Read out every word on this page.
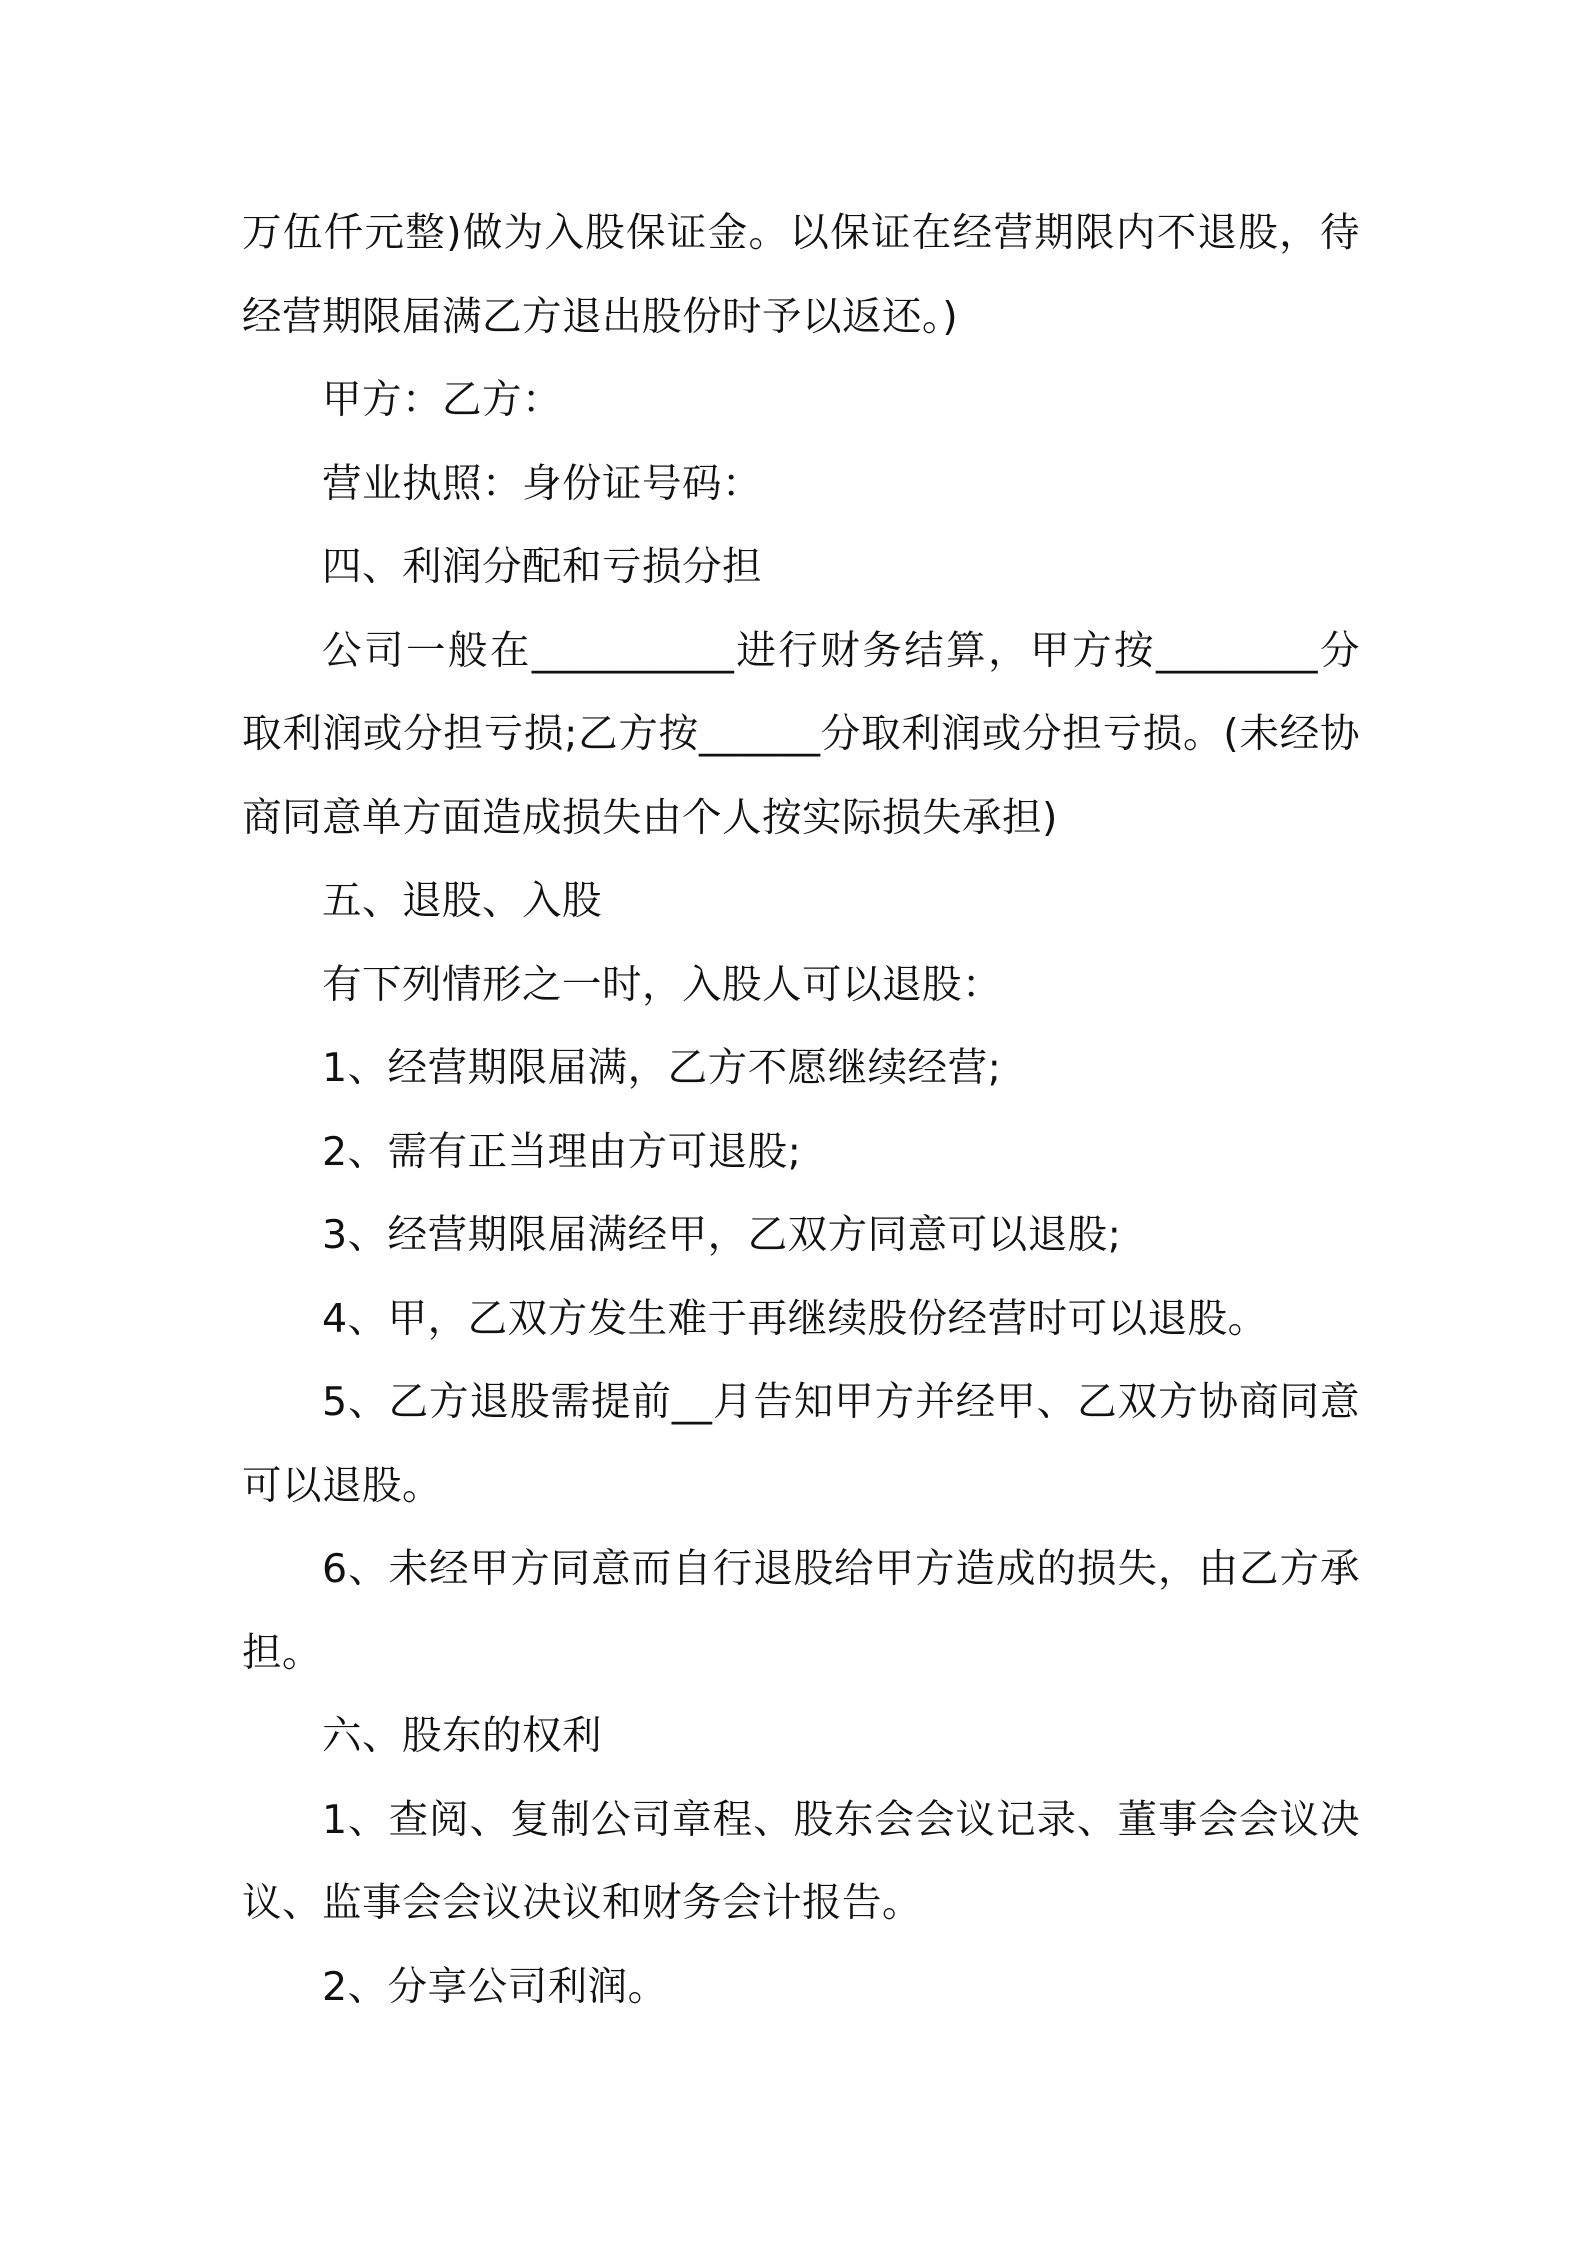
万伍仟元整)做为入股保证金。以保证在经营期限内不退股，待经营期限届满乙方退出股份时予以返还。)

甲方：乙方：

营业执照：身份证号码：

四、利润分配和亏损分担

公司一般在__________进行财务结算，甲方按________分取利润或分担亏损;乙方按______分取利润或分担亏损。(未经协商同意单方面造成损失由个人按实际损失承担)

五、退股、入股

有下列情形之一时，入股人可以退股：

1、经营期限届满，乙方不愿继续经营;

2、需有正当理由方可退股;

3、经营期限届满经甲，乙双方同意可以退股;

4、甲，乙双方发生难于再继续股份经营时可以退股。

5、乙方退股需提前__月告知甲方并经甲、乙双方协商同意可以退股。

6、未经甲方同意而自行退股给甲方造成的损失，由乙方承担。

六、股东的权利

1、查阅、复制公司章程、股东会会议记录、董事会会议决议、监事会会议决议和财务会计报告。

2、分享公司利润。
